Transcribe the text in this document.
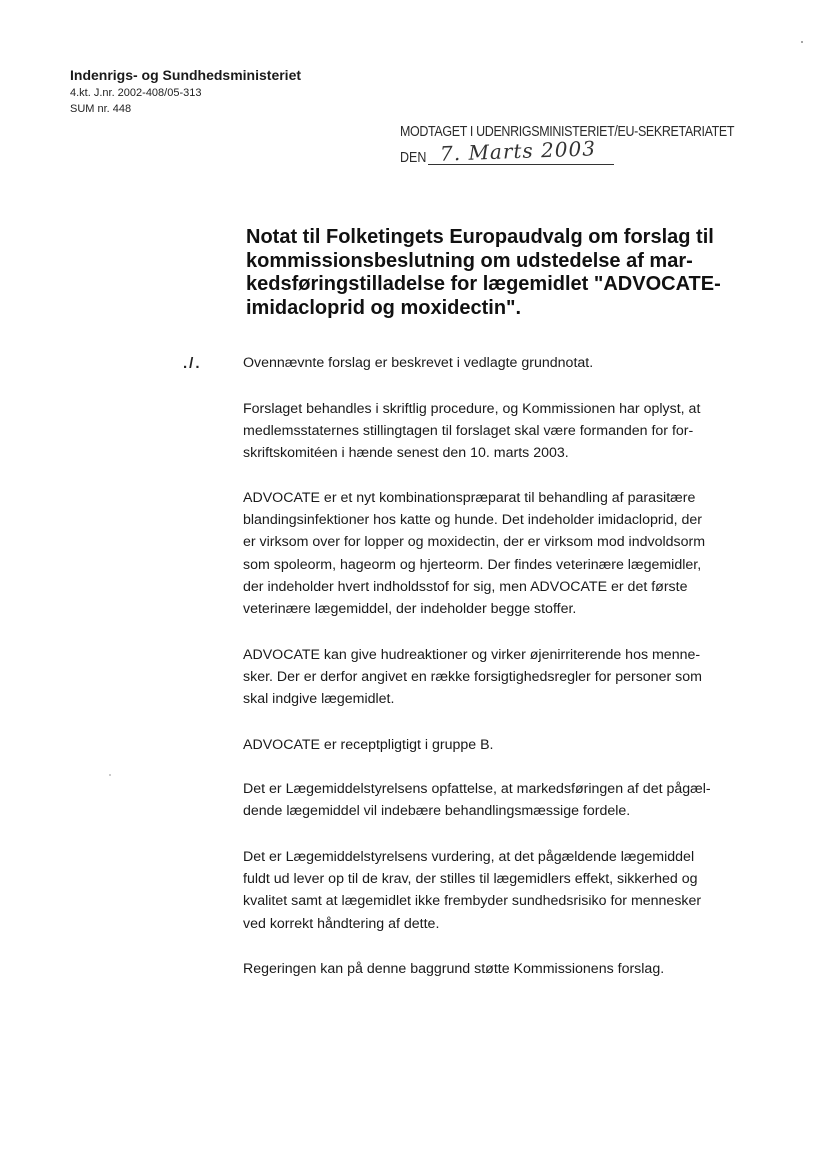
Indenrigs- og Sundhedsministeriet
4.kt. J.nr. 2002-408/05-313
SUM nr. 448
MODTAGET I UDENRIGSMINISTERIET/EU-SEKRETARIATET
DEN 7. Marts 2003
Notat til Folketingets Europaudvalg om forslag til
kommissionsbeslutning om udstedelse af mar-
kedsføringstilladelse for lægemidlet "ADVOCATE-
imidacloprid og moxidectin".
./.	Ovennævnte forslag er beskrevet i vedlagte grundnotat.
Forslaget behandles i skriftlig procedure, og Kommissionen har oplyst, at
medlemsstaternes stillingtagen til forslaget skal være formanden for for-
skriftskomitéen i hænde senest den 10. marts 2003.
ADVOCATE er et nyt kombinationspræparat til behandling af parasitære
blandingsinfektioner hos katte og hunde. Det indeholder imidacloprid, der
er virksom over for lopper og moxidectin, der er virksom mod indvoldsorm
som spoleorm, hageorm og hjerteorm. Der findes veterinære lægemidler,
der indeholder hvert indholdsstof for sig, men ADVOCATE er det første
veterinære lægemiddel, der indeholder begge stoffer.
ADVOCATE kan give hudreaktioner og virker øjenirriterende hos menne-
sker. Der er derfor angivet en række forsigtighedsregler for personer som
skal indgive lægemidlet.
ADVOCATE er receptpligtigt i gruppe B.
Det er Lægemiddelstyrelsens opfattelse, at markedsføringen af det pågæl-
dende lægemiddel vil indebære behandlingsmæssige fordele.
Det er Lægemiddelstyrelsens vurdering, at det pågældende lægemiddel
fuldt ud lever op til de krav, der stilles til lægemidlers effekt, sikkerhed og
kvalitet samt at lægemidlet ikke frembyder sundhedsrisiko for mennesker
ved korrekt håndtering af dette.
Regeringen kan på denne baggrund støtte Kommissionens forslag.
